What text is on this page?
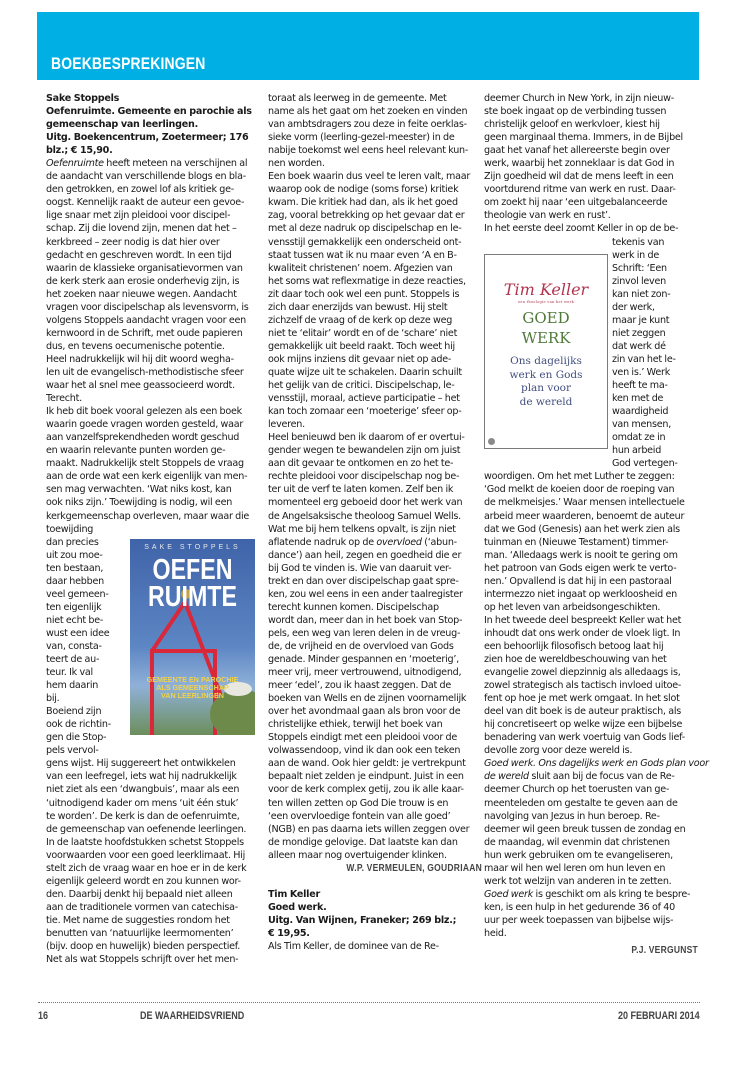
BOEKBESPREKINGEN
Sake Stoppels
Oefenruimte. Gemeente en parochie als
gemeenschap van leerlingen.
Uitg. Boekencentrum, Zoetermeer; 176
blz.; € 15,90.
Oefenruimte heeft meteen na verschijnen al
de aandacht van verschillende blogs en bla-
den getrokken, en zowel lof als kritiek ge-
oogst. Kennelijk raakt de auteur een gevoe-
lige snaar met zijn pleidooi voor discipel-
schap. Zij die lovend zijn, menen dat het –
kerkbreed – zeer nodig is dat hier over
gedacht en geschreven wordt. In een tijd
waarin de klassieke organisatievormen van
de kerk sterk aan erosie onderhevig zijn, is
het zoeken naar nieuwe wegen. Aandacht
vragen voor discipelschap als levensvorm, is
volgens Stoppels aandacht vragen voor een
kernwoord in de Schrift, met oude papieren
dus, en tevens oecumenische potentie.
Heel nadrukkelijk wil hij dit woord wegha-
len uit de evangelisch-methodistische sfeer
waar het al snel mee geassocieerd wordt.
Terecht.
Ik heb dit boek vooral gelezen als een boek
waarin goede vragen worden gesteld, waar
aan vanzelfsprekendheden wordt geschud
en waarin relevante punten worden ge-
maakt. Nadrukkelijk stelt Stoppels de vraag
aan de orde wat een kerk eigenlijk van men-
sen mag verwachten. ‘Wat niks kost, kan
ook niks zijn.’ Toewijding is nodig, wil een
kerkgemeenschap overleven, maar waar die
toewijding
dan precies
uit zou moe-
ten bestaan,
daar hebben
veel gemeen-
ten eigenlijk
niet echt be-
wust een idee
van, consta-
teert de au-
teur. Ik val
hem daarin
bij.
Boeiend zijn
ook de richtin-
gen die Stop-
pels vervol-
gens wijst. Hij suggereert het ontwikkelen
van een leefregel, iets wat hij nadrukkelijk
niet ziet als een ‘dwangbuis’, maar als een
‘uitnodigend kader om mens ‘uit één stuk’
te worden’. De kerk is dan de oefenruimte,
de gemeenschap van oefenende leerlingen.
In de laatste hoofdstukken schetst Stoppels
voorwaarden voor een goed leerklimaat. Hij
stelt zich de vraag waar en hoe er in de kerk
eigenlijk geleerd wordt en zou kunnen wor-
den. Daarbij denkt hij bepaald niet alleen
aan de traditionele vormen van catechisa-
tie. Met name de suggesties rondom het
benutten van ‘natuurlijke leermomenten’
(bijv. doop en huwelijk) bieden perspectief.
Net als wat Stoppels schrijft over het men-
SAKE STOPPELS
OEFEN
RUIMTE
GEMEENTE EN PAROCHIE
ALS GEMEENSCHAP
VAN LEERLINGEN
toraat als leerweg in de gemeente. Met
name als het gaat om het zoeken en vinden
van ambtsdragers zou deze in feite oerklas-
sieke vorm (leerling-gezel-meester) in de
nabije toekomst wel eens heel relevant kun-
nen worden.
Een boek waarin dus veel te leren valt, maar
waarop ook de nodige (soms forse) kritiek
kwam. Die kritiek had dan, als ik het goed
zag, vooral betrekking op het gevaar dat er
met al deze nadruk op discipelschap en le-
vensstijl gemakkelijk een onderscheid ont-
staat tussen wat ik nu maar even ‘A en B-
kwaliteit christenen’ noem. Afgezien van
het soms wat reflexmatige in deze reacties,
zit daar toch ook wel een punt. Stoppels is
zich daar enerzijds van bewust. Hij stelt
zichzelf de vraag of de kerk op deze weg
niet te ‘elitair’ wordt en of de ‘schare’ niet
gemakkelijk uit beeld raakt. Toch weet hij
ook mijns inziens dit gevaar niet op ade-
quate wijze uit te schakelen. Daarin schuilt
het gelijk van de critici. Discipelschap, le-
vensstijl, moraal, actieve participatie – het
kan toch zomaar een ‘moeterige’ sfeer op-
leveren.
Heel benieuwd ben ik daarom of er overtui-
gender wegen te bewandelen zijn om juist
aan dit gevaar te ontkomen en zo het te-
rechte pleidooi voor discipelschap nog be-
ter uit de verf te laten komen. Zelf ben ik
momenteel erg geboeid door het werk van
de Angelsaksische theoloog Samuel Wells.
Wat me bij hem telkens opvalt, is zijn niet
aflatende nadruk op de overvloed (‘abun-
dance’) aan heil, zegen en goedheid die er
bij God te vinden is. Wie van daaruit ver-
trekt en dan over discipelschap gaat spre-
ken, zou wel eens in een ander taalregister
terecht kunnen komen. Discipelschap
wordt dan, meer dan in het boek van Stop-
pels, een weg van leren delen in de vreug-
de, de vrijheid en de overvloed van Gods
genade. Minder gespannen en ‘moeterig’,
meer vrij, meer vertrouwend, uitnodigend,
meer ‘edel’, zou ik haast zeggen. Dat de
boeken van Wells en de zijnen voornamelijk
over het avondmaal gaan als bron voor de
christelijke ethiek, terwijl het boek van
Stoppels eindigt met een pleidooi voor de
volwassendoop, vind ik dan ook een teken
aan de wand. Ook hier geldt: je vertrekpunt
bepaalt niet zelden je eindpunt. Juist in een
voor de kerk complex getij, zou ik alle kaar-
ten willen zetten op God Die trouw is en
‘een overvloedige fontein van alle goed’
(NGB) en pas daarna iets willen zeggen over
de mondige gelovige. Dat laatste kan dan
alleen maar nog overtuigender klinken.
W.P. VERMEULEN, GOUDRIAAN
Tim Keller
Goed werk.
Uitg. Van Wijnen, Franeker; 269 blz.;
€ 19,95.
Als Tim Keller, de dominee van de Re-
deemer Church in New York, in zijn nieuw-
ste boek ingaat op de verbinding tussen
christelijk geloof en werkvloer, kiest hij
geen marginaal thema. Immers, in de Bijbel
gaat het vanaf het allereerste begin over
werk, waarbij het zonneklaar is dat God in
Zijn goedheid wil dat de mens leeft in een
voortdurend ritme van werk en rust. Daar-
om zoekt hij naar ‘een uitgebalanceerde
theologie van werk en rust’.
In het eerste deel zoomt Keller in op de be-
tekenis van
werk in de
Schrift: ‘Een
zinvol leven
kan niet zon-
der werk,
maar je kunt
niet zeggen
dat werk dé
zin van het le-
ven is.’ Werk
heeft te ma-
ken met de
waardigheid
van mensen,
omdat ze in
hun arbeid
God vertegen-
woordigen. Om het met Luther te zeggen:
‘God melkt de koeien door de roeping van
de melkmeisjes.’ Waar mensen intellectuele
arbeid meer waarderen, benoemt de auteur
dat we God (Genesis) aan het werk zien als
tuinman en (Nieuwe Testament) timmer-
man. ‘Alledaags werk is nooit te gering om
het patroon van Gods eigen werk te verto-
nen.’ Opvallend is dat hij in een pastoraal
intermezzo niet ingaat op werkloosheid en
op het leven van arbeidsongeschikten.
In het tweede deel bespreekt Keller wat het
inhoudt dat ons werk onder de vloek ligt. In
een behoorlijk filosofisch betoog laat hij
zien hoe de wereldbeschouwing van het
evangelie zowel diepzinnig als alledaags is,
zowel strategisch als tactisch invloed uitoe-
fent op hoe je met werk omgaat. In het slot
deel van dit boek is de auteur praktisch, als
hij concretiseert op welke wijze een bijbelse
benadering van werk voertuig van Gods lief-
devolle zorg voor deze wereld is.
Goed werk. Ons dagelijks werk en Gods plan voor
de wereld sluit aan bij de focus van de Re-
deemer Church op het toerusten van ge-
meenteleden om gestalte te geven aan de
navolging van Jezus in hun beroep. Re-
deemer wil geen breuk tussen de zondag en
de maandag, wil evenmin dat christenen
hun werk gebruiken om te evangeliseren,
maar wil hen wel leren om hun leven en
werk tot welzijn van anderen in te zetten.
Goed werk is geschikt om als kring te bespre-
ken, is een hulp in het gedurende 36 of 40
uur per week toepassen van bijbelse wijs-
heid.
P.J. VERGUNST
Tim Keller
een theologie van het werk
GOED
WERK
Ons dagelijks
werk en Gods
plan voor
de wereld
16	DE WAARHEIDSVRIEND	20 FEBRUARI 2014
